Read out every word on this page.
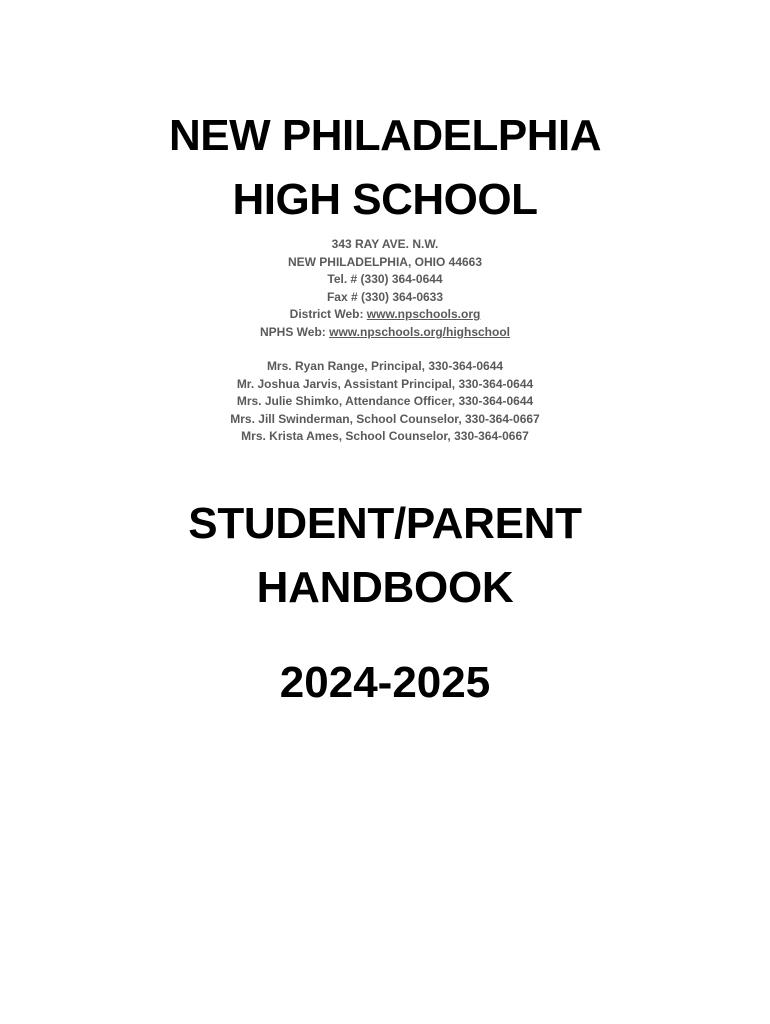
NEW PHILADELPHIA
HIGH SCHOOL
343 RAY AVE. N.W.
NEW PHILADELPHIA, OHIO 44663
Tel. # (330) 364-0644
Fax # (330) 364-0633
District Web: www.npschools.org
NPHS Web: www.npschools.org/highschool
Mrs. Ryan Range, Principal, 330-364-0644
Mr. Joshua Jarvis, Assistant Principal, 330-364-0644
Mrs. Julie Shimko, Attendance Officer, 330-364-0644
Mrs. Jill Swinderman, School Counselor, 330-364-0667
Mrs. Krista Ames, School Counselor, 330-364-0667
STUDENT/PARENT
HANDBOOK
2024-2025
